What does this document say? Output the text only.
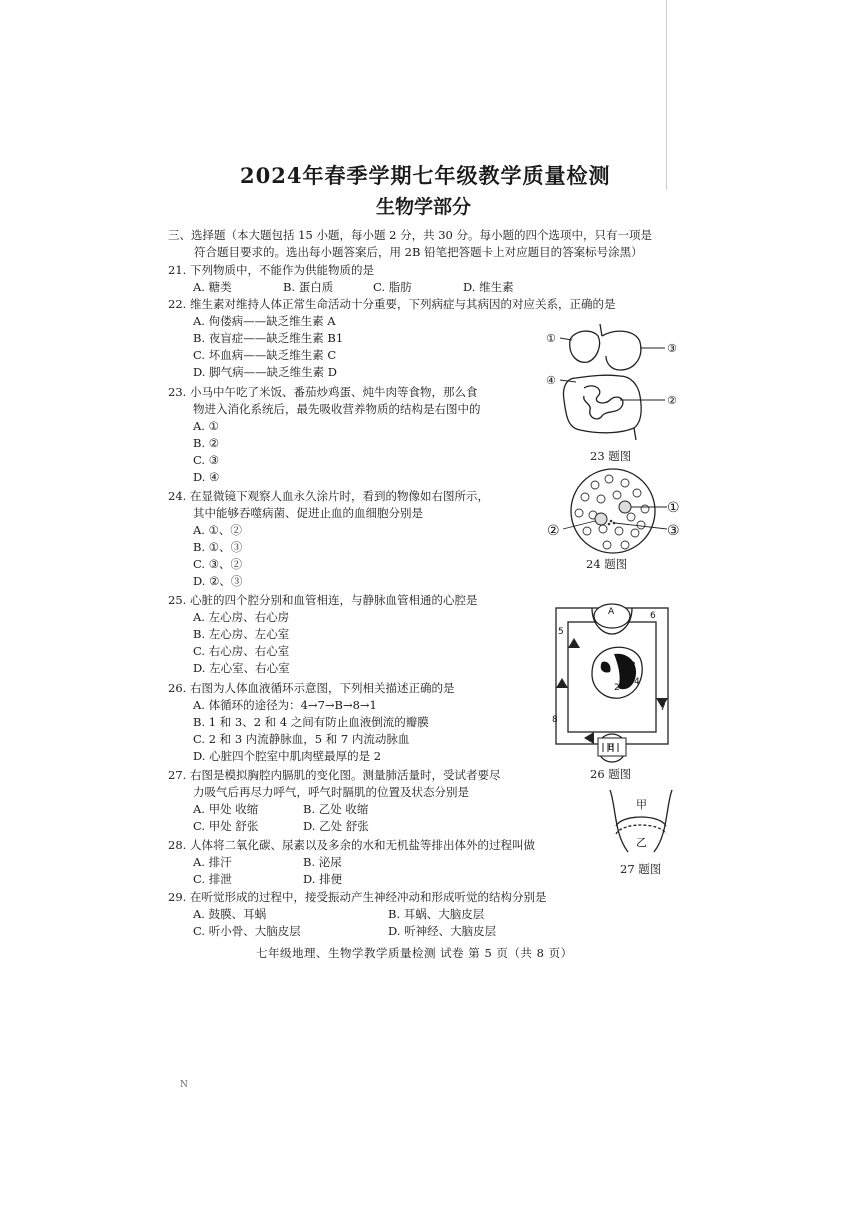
2024年春季学期七年级教学质量检测
生物学部分
三、选择题（本大题包括 15 小题，每小题 2 分，共 30 分。每小题的四个选项中，只有一项是

符合题目要求的。选出每小题答案后，用 2B 铅笔把答题卡上对应题目的答案标号涂黑）
21. 下列物质中，不能作为供能物质的是
A. 糖类	B. 蛋白质	C. 脂肪	D. 维生素
22. 维生素对维持人体正常生命活动十分重要，下列病症与其病因的对应关系，正确的是
A. 佝偻病——缺乏维生素 A
B. 夜盲症——缺乏维生素 B1
C. 坏血病——缺乏维生素 C
D. 脚气病——缺乏维生素 D
23. 小马中午吃了米饭、番茄炒鸡蛋、炖牛肉等食物，那么食
物进入消化系统后，最先吸收营养物质的结构是右图中的
A. ①
B. ②
C. ③
D. ④
24. 在显微镜下观察人血永久涂片时，看到的物像如右图所示，
其中能够吞噬病菌、促进止血的血细胞分别是
A. ①、②
B. ①、③
C. ③、②
D. ②、③
25. 心脏的四个腔分别和血管相连，与静脉血管相通的心腔是
A. 左心房、右心房
B. 左心房、左心室
C. 右心房、右心室
D. 左心室、右心室
26. 右图为人体血液循环示意图，下列相关描述正确的是
A. 体循环的途径为：4→7→B→8→1
B. 1 和 3、2 和 4 之间有防止血液倒流的瓣膜
C. 2 和 3 内流静脉血，5 和 7 内流动脉血
D. 心脏四个腔室中肌肉壁最厚的是 2
27. 右图是模拟胸腔内膈肌的变化图。测量肺活量时，受试者要尽
力吸气后再尽力呼气，呼气时膈肌的位置及状态分别是
A. 甲处 收缩	B. 乙处 收缩
C. 甲处 舒张	D. 乙处 舒张
28. 人体将二氧化碳、尿素以及多余的水和无机盐等排出体外的过程叫做
A. 排汗	B. 泌尿
C. 排泄	D. 排便
29. 在听觉形成的过程中，接受振动产生神经冲动和形成听觉的结构分别是
A. 鼓膜、耳蜗	B. 耳蜗、大脑皮层
C. 听小骨、大脑皮层	D. 听神经、大脑皮层
①
③
④
②
23 题图
①
②	③
24 题图
A
B
1
2
3
4
5
6
7
8
26 题图
甲
乙
27 题图
七年级地理、生物学教学质量检测 试卷 第 5 页（共 8 页）
N
